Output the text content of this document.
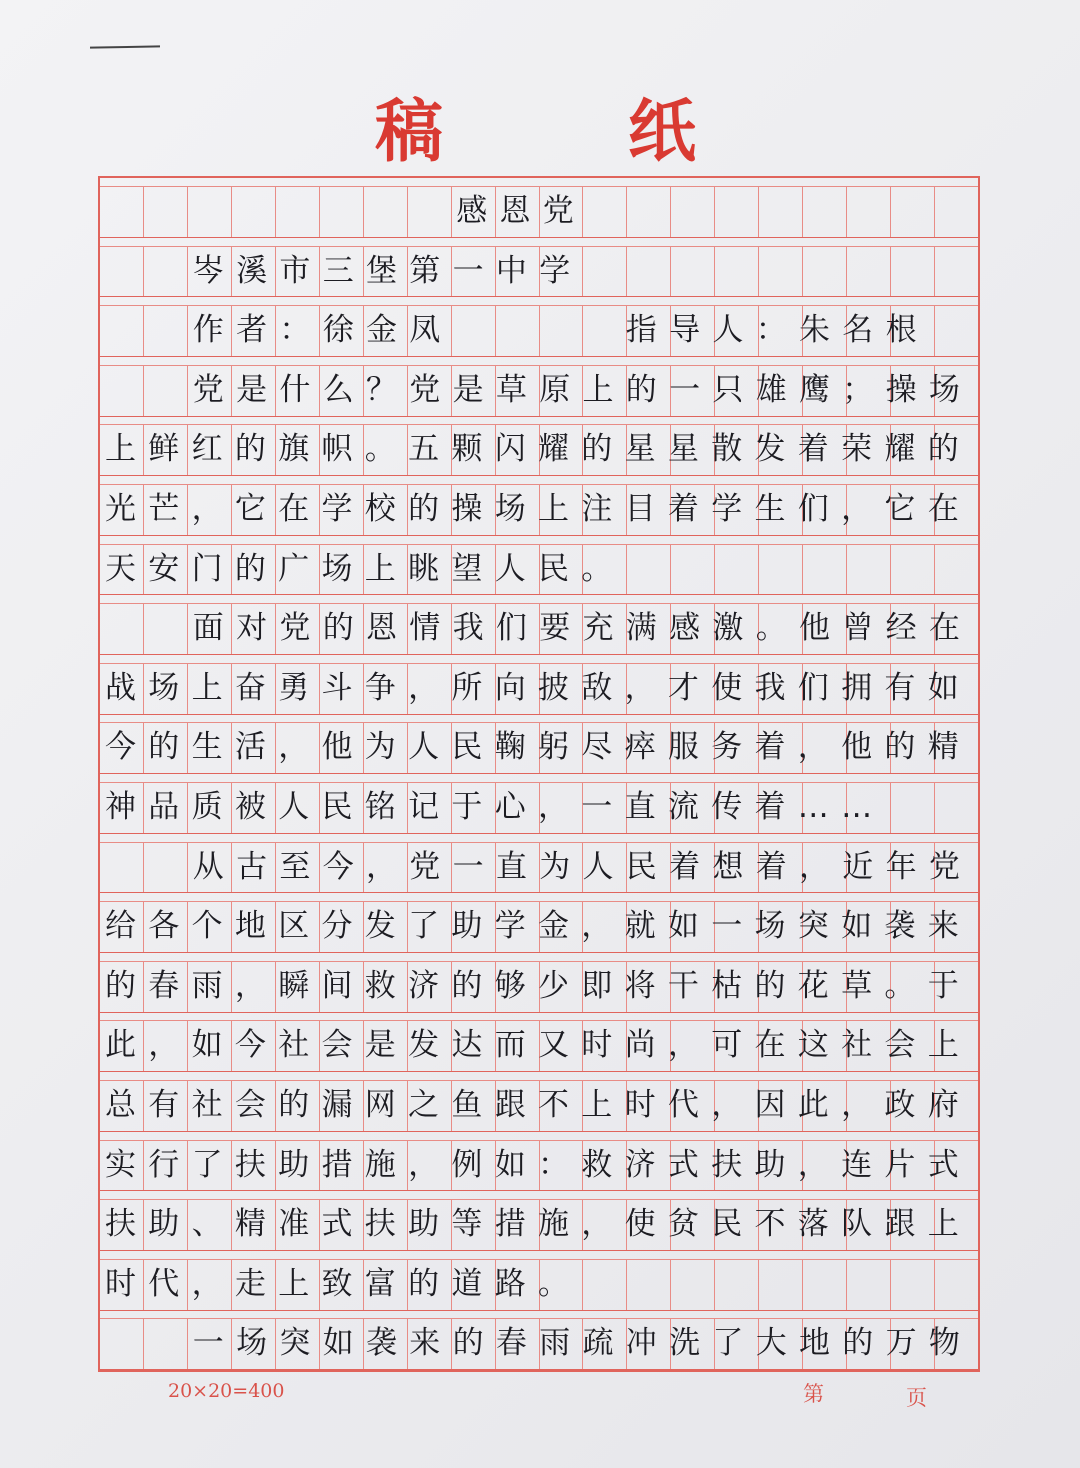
稿	纸
感恩党
岑溪市三堡第一中学
作者：徐金凤　　　　指导人：朱名根
党是什么？党是草原上的一只雄鹰；操场
上鲜红的旗帜。五颗闪耀的星星散发着荣耀的
光芒，它在学校的操场上注目着学生们，它在
天安门的广场上眺望人民。
面对党的恩情我们要充满感激。他曾经在
战场上奋勇斗争，所向披敌，才使我们拥有如
今的生活，他为人民鞠躬尽瘁服务着，他的精
神品质被人民铭记于心，一直流传着……
从古至今，党一直为人民着想着，近年党
给各个地区分发了助学金，就如一场突如袭来
的春雨，瞬间救济的够少即将干枯的花草。于
此，如今社会是发达而又时尚，可在这社会上
总有社会的漏网之鱼跟不上时代，因此，政府
实行了扶助措施，例如：救济式扶助，连片式
扶助、精准式扶助等措施，使贫民不落队跟上
时代，走上致富的道路。
一场突如袭来的春雨疏冲洗了大地的万物
20×20=400	第	页
